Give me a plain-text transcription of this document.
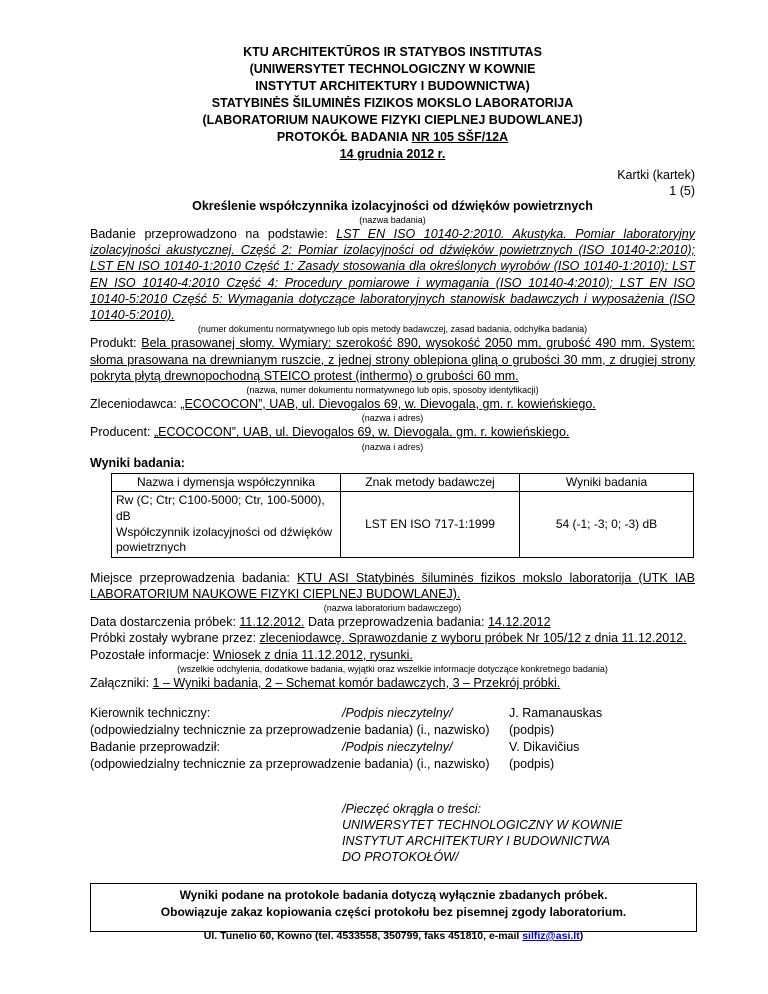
KTU ARCHITEKTŪROS IR STATYBOS INSTITUTAS
(UNIWERSYTET TECHNOLOGICZNY W KOWNIE
INSTYTUT ARCHITEKTURY I BUDOWNICTWA)
STATYBINĖS ŠILUMINĖS FIZIKOS MOKSLO LABORATORIJA
(LABORATORIUM NAUKOWE FIZYKI CIEPLNEJ BUDOWLANEJ)
PROTOKÓŁ BADANIA NR 105 SŠF/12A
14 grudnia 2012 r.
Kartki (kartek)
1 (5)
Określenie współczynnika izolacyjności od dźwięków powietrznych
(nazwa badania)

Badanie przeprowadzono na podstawie: LST EN ISO 10140-2:2010. Akustyka. Pomiar laboratoryjny izolacyjności akustycznej. Część 2: Pomiar izolacyjności od dźwięków powietrznych (ISO 10140-2:2010); LST EN ISO 10140-1:2010 Część 1: Zasady stosowania dla określonych wyrobów (ISO 10140-1:2010); LST EN ISO 10140-4:2010 Część 4: Procedury pomiarowe i wymagania (ISO 10140-4:2010); LST EN ISO 10140-5:2010 Część 5: Wymagania dotyczące laboratoryjnych stanowisk badawczych i wyposażenia (ISO 10140-5:2010).

(numer dokumentu normatywnego lub opis metody badawczej, zasad badania, odchyłka badania)

Produkt: Bela prasowanej słomy. Wymiary: szerokość 890, wysokość 2050 mm, grubość 490 mm. System: słoma prasowana na drewnianym ruszcie, z jednej strony oblepiona gliną o grubości 30 mm, z drugiej strony pokryta płytą drewnopochodną STEICO protest (inthermo) o grubości 60 mm.

(nazwa, numer dokumentu normatywnego lub opis, sposoby identyfikacji)

Zleceniodawca: „ECOCOCON”, UAB, ul. Dievogalos 69, w. Dievogala, gm. r. kowieńskiego.

(nazwa i adres)

Producent: „ECOCOCON”, UAB, ul. Dievogalos 69, w. Dievogala, gm. r. kowieńskiego.

(nazwa i adres)
Wyniki badania:
Nazwa i dymensja współczynnika	Znak metody badawczej	Wyniki badania

Rw (C; Ctr; C100-5000; Ctr, 100-5000), dB
Współczynnik izolacyjności od dźwięków powietrznych	LST EN ISO 717-1:1999	54 (-1; -3; 0; -3) dB

Miejsce przeprowadzenia badania: KTU ASI Statybinės šiluminės fizikos mokslo laboratorija (UTK IAB LABORATORIUM NAUKOWE FIZYKI CIEPLNEJ BUDOWLANEJ).

(nazwa laboratorium badawczego)

Data dostarczenia próbek: 11.12.2012. Data przeprowadzenia badania: 14.12.2012

Próbki zostały wybrane przez: zleceniodawcę. Sprawozdanie z wyboru próbek Nr 105/12 z dnia 11.12.2012.

Pozostałe informacje: Wniosek z dnia 11.12.2012, rysunki.

(wszelkie odchylenia, dodatkowe badania, wyjątki oraz wszelkie informacje dotyczące konkretnego badania)

Załączniki: 1 – Wyniki badania, 2 – Schemat komór badawczych, 3 – Przekrój próbki.

Kierownik techniczny:	/Podpis nieczytelny/	J. Ramanauskas
(odpowiedzialny technicznie za przeprowadzenie badania) (i., nazwisko) (podpis)
Badanie przeprowadził:	/Podpis nieczytelny/	V. Dikavičius
(odpowiedzialny technicznie za przeprowadzenie badania) (i., nazwisko) (podpis)
/Pieczęć okrągła o treści:
UNIWERSYTET TECHNOLOGICZNY W KOWNIE
INSTYTUT ARCHITEKTURY I BUDOWNICTWA
DO PROTOKOŁÓW/
Wyniki podane na protokole badania dotyczą wyłącznie zbadanych próbek.
Obowiązuje zakaz kopiowania części protokołu bez pisemnej zgody laboratorium.
Ul. Tunelio 60, Kowno (tel. 4533558, 350799, faks 451810, e-mail silfiz@asi.lt)
